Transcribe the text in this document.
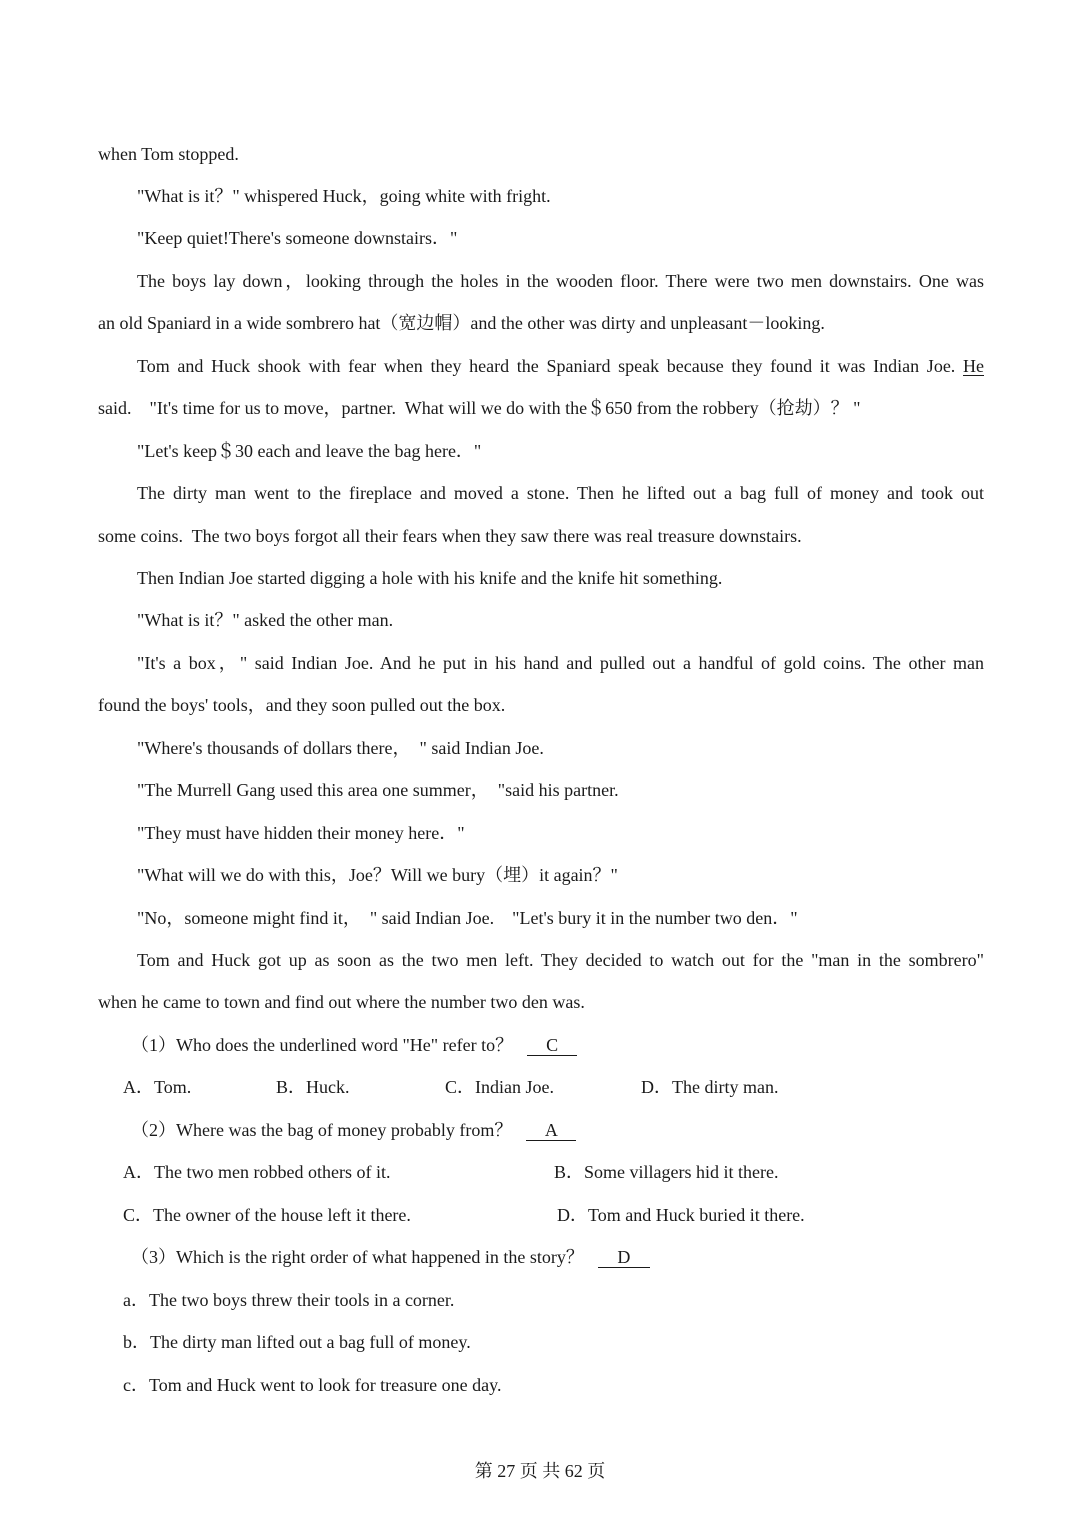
when Tom stopped.
"What is it？" whispered Huck，going white with fright.
"Keep quiet!There's someone downstairs．"
The boys lay down，looking through the holes in the wooden floor. There were two men downstairs. One was
an old Spaniard in a wide sombrero hat（宽边帽）and the other was dirty and unpleasant－looking.
Tom and Huck shook with fear when they heard the Spaniard speak because they found it was Indian Joe. He
said.　"It's time for us to move，partner.  What will we do with the＄650 from the robbery（抢劫）？ "
"Let's keep＄30 each and leave the bag here．"
The dirty man went to the fireplace and moved a stone. Then he lifted out a bag full of money and took out
some coins.  The two boys forgot all their fears when they saw there was real treasure downstairs.
Then Indian Joe started digging a hole with his knife and the knife hit something.
"What is it？" asked the other man.
"It's a box，" said Indian Joe. And he put in his hand and pulled out a handful of gold coins. The other man
found the boys' tools，and they soon pulled out the box.
"Where's thousands of dollars there，　" said Indian Joe.
"The Murrell Gang used this area one summer，　"said his partner.
"They must have hidden their money here．"
"What will we do with this，Joe？Will we bury（埋）it again？"
"No，someone might find it，　" said Indian Joe.　"Let's bury it in the number two den．"
Tom and Huck got up as soon as the two men left. They decided to watch out for the "man in the sombrero"
when he came to town and find out where the number two den was.
（1）Who does the underlined word "He" refer to？ C
A．Tom.	B．Huck.	C．Indian Joe.	D．The dirty man.
（2）Where was the bag of money probably from？ A
A．The two men robbed others of it.	B．Some villagers hid it there.
C．The owner of the house left it there.	D．Tom and Huck buried it there.
（3）Which is the right order of what happened in the story？ D
a．The two boys threw their tools in a corner.
b．The dirty man lifted out a bag full of money.
c．Tom and Huck went to look for treasure one day.
第 27 页 共 62 页
